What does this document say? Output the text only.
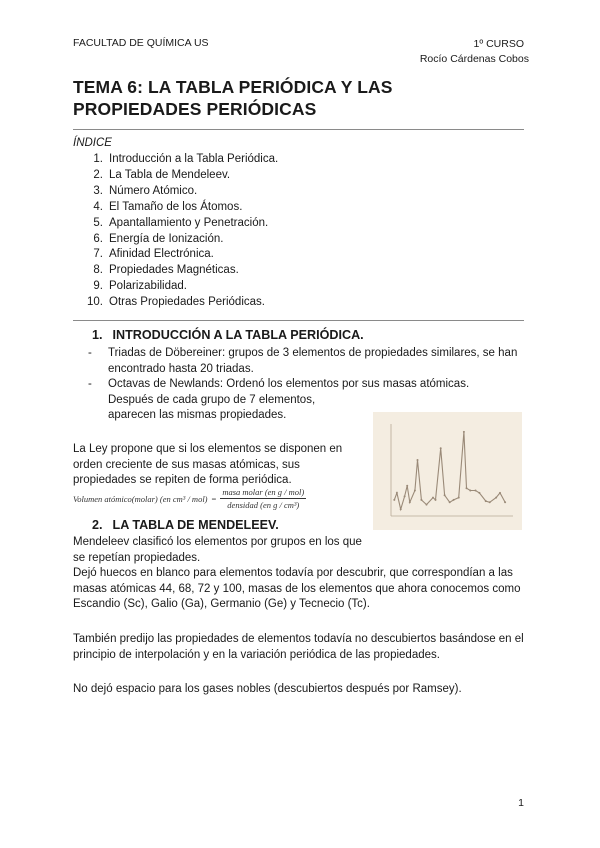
FACULTAD DE QUÍMICA US	1º CURSO
Rocío Cárdenas Cobos
TEMA 6: LA TABLA PERIÓDICA Y LAS
PROPIEDADES PERIÓDICAS
ÍNDICE
1. Introducción a la Tabla Periódica.
2. La Tabla de Mendeleev.
3. Número Atómico.
4. El Tamaño de los Átomos.
5. Apantallamiento y Penetración.
6. Energía de Ionización.
7. Afinidad Electrónica.
8. Propiedades Magnéticas.
9. Polarizabilidad.
10. Otras Propiedades Periódicas.
1. INTRODUCCIÓN A LA TABLA PERIÓDICA.
-	Triadas de Döbereiner: grupos de 3 elementos de propiedades similares, se han encontrado hasta 20 triadas.
-	Octavas de Newlands: Ordenó los elementos por sus masas atómicas.
Después de cada grupo de 7 elementos, aparecen las mismas propiedades.
La Ley propone que si los elementos se disponen en orden creciente de sus masas atómicas, sus propiedades se repiten de forma periódica.
Volumen atómico(molar) (en $cm^3 / mol) = \frac{\text{masa molar (en g / mol)}}{\text{densidad (en g / cm³)}}$
2. LA TABLA DE MENDELEEV.
Mendeleev clasificó los elementos por grupos en los que se repetían propiedades.
Dejó huecos en blanco para elementos todavía por descubrir, que correspondían a las masas atómicas 44, 68, 72 y 100, masas de los elementos que ahora conocemos como Escandio (Sc), Galio (Ga), Germanio (Ge) y Tecnecio (Tc).
También predijo las propiedades de elementos todavía no descubiertos basándose en el principio de interpolación y en la variación periódica de las propiedades.
No dejó espacio para los gases nobles (descubiertos después por Ramsey).
1
